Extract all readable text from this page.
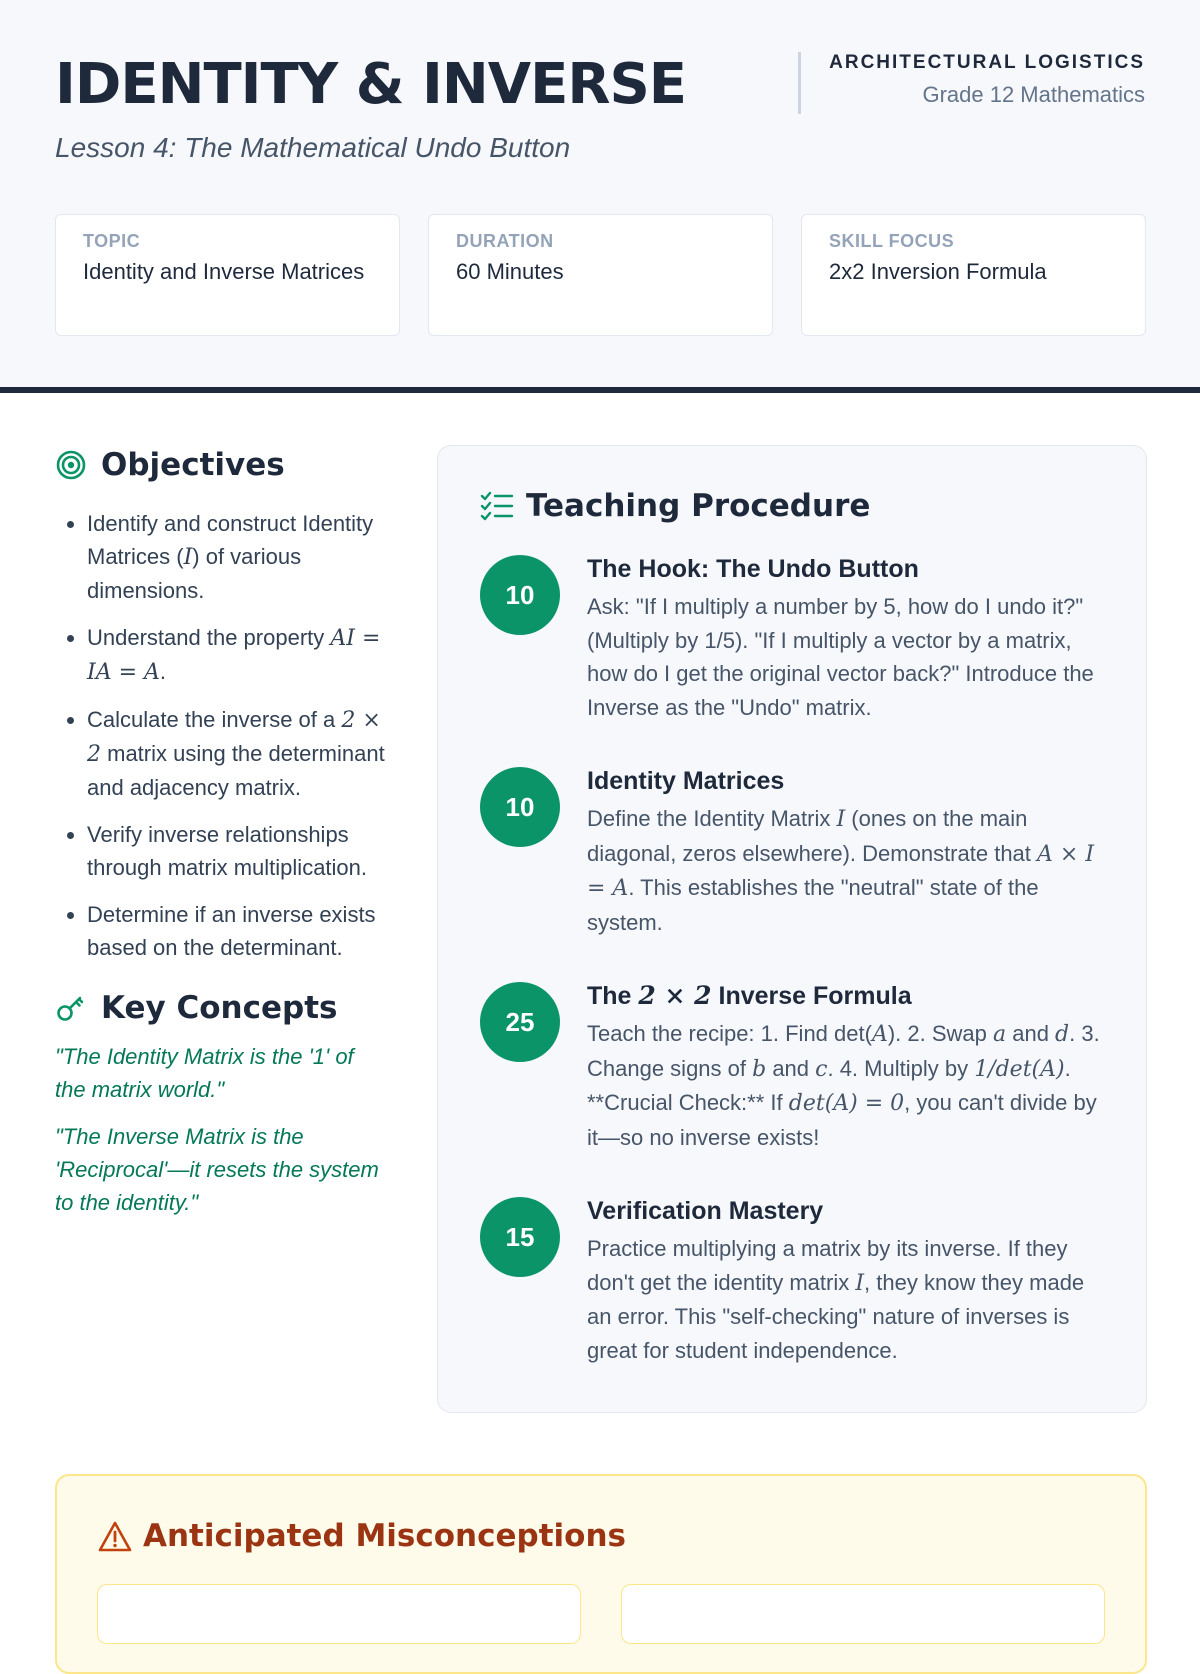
IDENTITY & INVERSE
Lesson 4: The Mathematical Undo Button
ARCHITECTURAL LOGISTICS
Grade 12 Mathematics
TOPIC
Identity and Inverse Matrices
DURATION
60 Minutes
SKILL FOCUS
2x2 Inversion Formula
Objectives
• Identify and construct Identity Matrices (I) of various dimensions.
• Understand the property AI = IA = A.
• Calculate the inverse of a 2 × 2 matrix using the determinant and adjacency matrix.
• Verify inverse relationships through matrix multiplication.
• Determine if an inverse exists based on the determinant.
Key Concepts
"The Identity Matrix is the '1' of the matrix world."
"The Inverse Matrix is the 'Reciprocal'—it resets the system to the identity."
Teaching Procedure
10
The Hook: The Undo Button
Ask: "If I multiply a number by 5, how do I undo it?" (Multiply by 1/5). "If I multiply a vector by a matrix, how do I get the original vector back?" Introduce the Inverse as the "Undo" matrix.
10
Identity Matrices
Define the Identity Matrix I (ones on the main diagonal, zeros elsewhere). Demonstrate that A × I = A. This establishes the "neutral" state of the system.
25
The 2 × 2 Inverse Formula
Teach the recipe: 1. Find det(A). 2. Swap a and d. 3. Change signs of b and c. 4. Multiply by 1/det(A). **Crucial Check:** If det(A) = 0, you can't divide by it—so no inverse exists!
15
Verification Mastery
Practice multiplying a matrix by its inverse. If they don't get the identity matrix I, they know they made an error. This "self-checking" nature of inverses is great for student independence.
Anticipated Misconceptions
